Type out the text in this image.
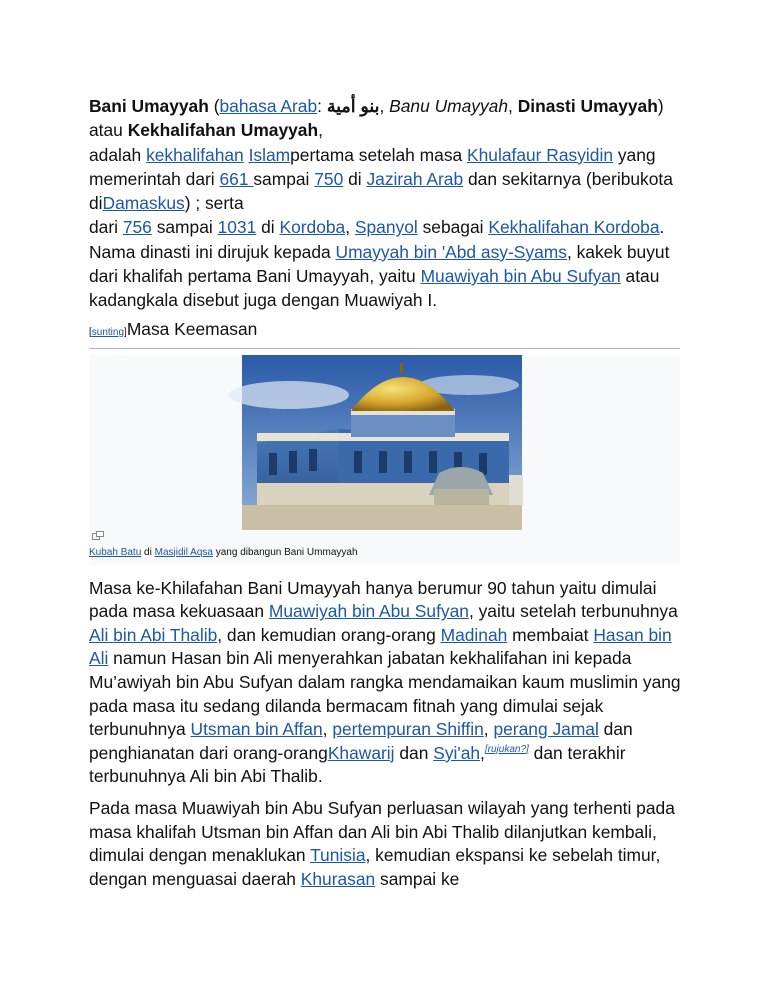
Bani Umayyah (bahasa Arab: بنو أمية, Banu Umayyah, Dinasti Umayyah) atau Kekhalifahan Umayyah,
adalah kekhalifahan Islampertama setelah masa Khulafaur Rasyidin yang memerintah dari 661 sampai 750 di Jazirah Arab dan sekitarnya (beribukota diDamaskus) ; serta
dari 756 sampai 1031 di Kordoba, Spanyol sebagai Kekhalifahan Kordoba. Nama dinasti ini dirujuk kepada Umayyah bin 'Abd asy-Syams, kakek buyut dari khalifah pertama Bani Umayyah, yaitu Muawiyah bin Abu Sufyan atau kadangkala disebut juga dengan Muawiyah I.

[sunting]Masa Keemasan
Kubah Batu di Masjidil Aqsa yang dibangun Bani Ummayyah

Masa ke-Khilafahan Bani Umayyah hanya berumur 90 tahun yaitu dimulai pada masa kekuasaan Muawiyah bin Abu Sufyan, yaitu setelah terbunuhnya Ali bin Abi Thalib, dan kemudian orang-orang Madinah membaiat Hasan bin Ali namun Hasan bin Ali menyerahkan jabatan kekhalifahan ini kepada Mu’awiyah bin Abu Sufyan dalam rangka mendamaikan kaum muslimin yang pada masa itu sedang dilanda bermacam fitnah yang dimulai sejak terbunuhnya Utsman bin Affan, pertempuran Shiffin, perang Jamal dan penghianatan dari orang-orangKhawarij dan Syi'ah,[rujukan?] dan terakhir terbunuhnya Ali bin Abi Thalib.

Pada masa Muawiyah bin Abu Sufyan perluasan wilayah yang terhenti pada masa khalifah Utsman bin Affan dan Ali bin Abi Thalib dilanjutkan kembali, dimulai dengan menaklukan Tunisia, kemudian ekspansi ke sebelah timur, dengan menguasai daerah Khurasan sampai ke
